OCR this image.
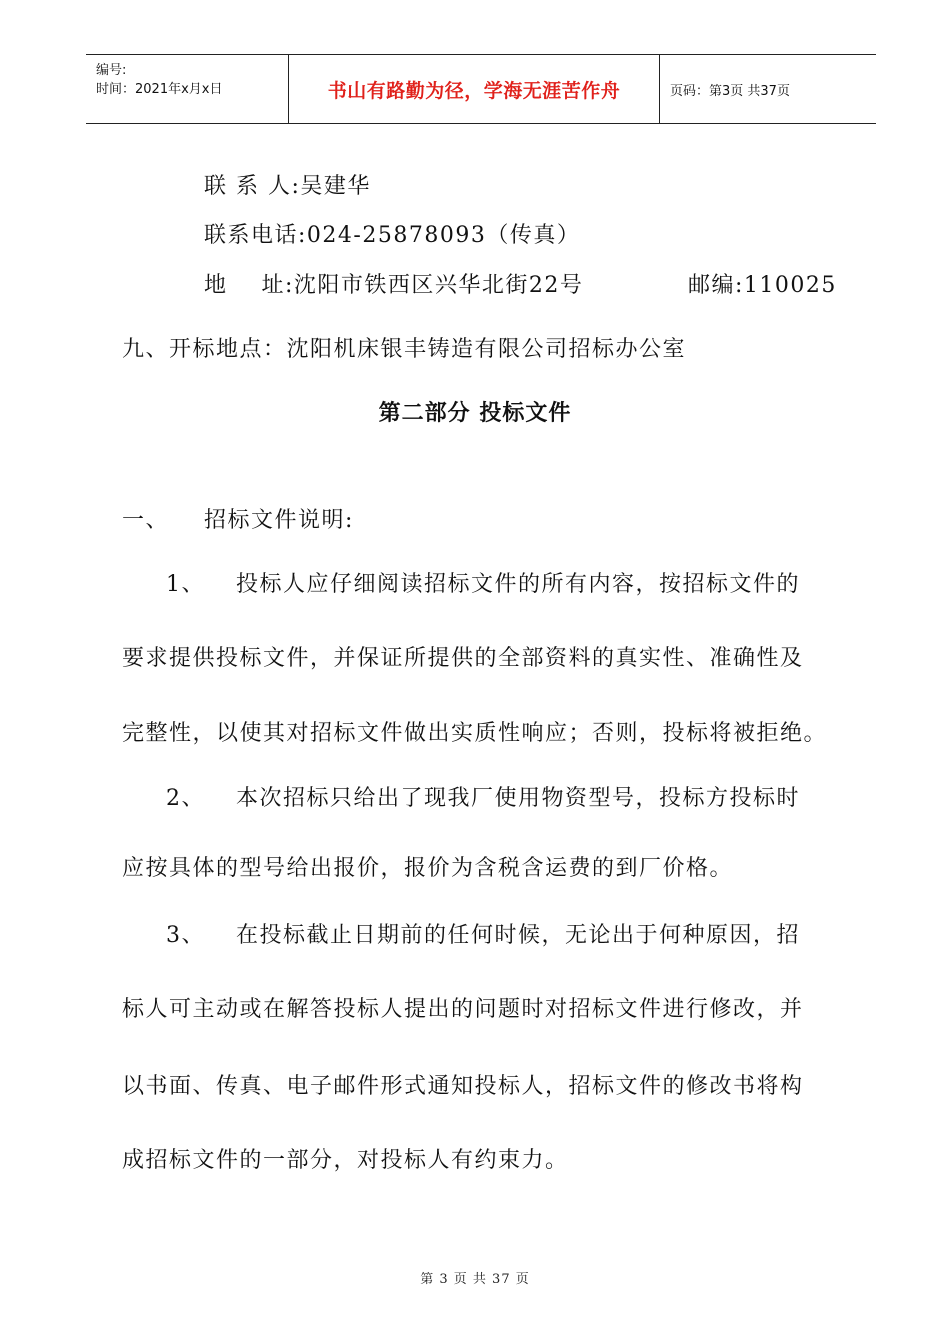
编号:
时间：2021年x月x日	书山有路勤为径，学海无涯苦作舟	页码：第3页 共37页
联 系 人:吴建华
联系电话:024-25878093（传真）
地    址:沈阳市铁西区兴华北街22号	邮编:110025
九、开标地点：沈阳机床银丰铸造有限公司招标办公室
第二部分 投标文件
一、 招标文件说明:
1、 投标人应仔细阅读招标文件的所有内容，按招标文件的
要求提供投标文件，并保证所提供的全部资料的真实性、准确性及
完整性，以使其对招标文件做出实质性响应；否则，投标将被拒绝。
2、 本次招标只给出了现我厂使用物资型号，投标方投标时
应按具体的型号给出报价，报价为含税含运费的到厂价格。
3、 在投标截止日期前的任何时候，无论出于何种原因，招
标人可主动或在解答投标人提出的问题时对招标文件进行修改，并
以书面、传真、电子邮件形式通知投标人，招标文件的修改书将构
成招标文件的一部分，对投标人有约束力。
第 3 页 共 37 页
